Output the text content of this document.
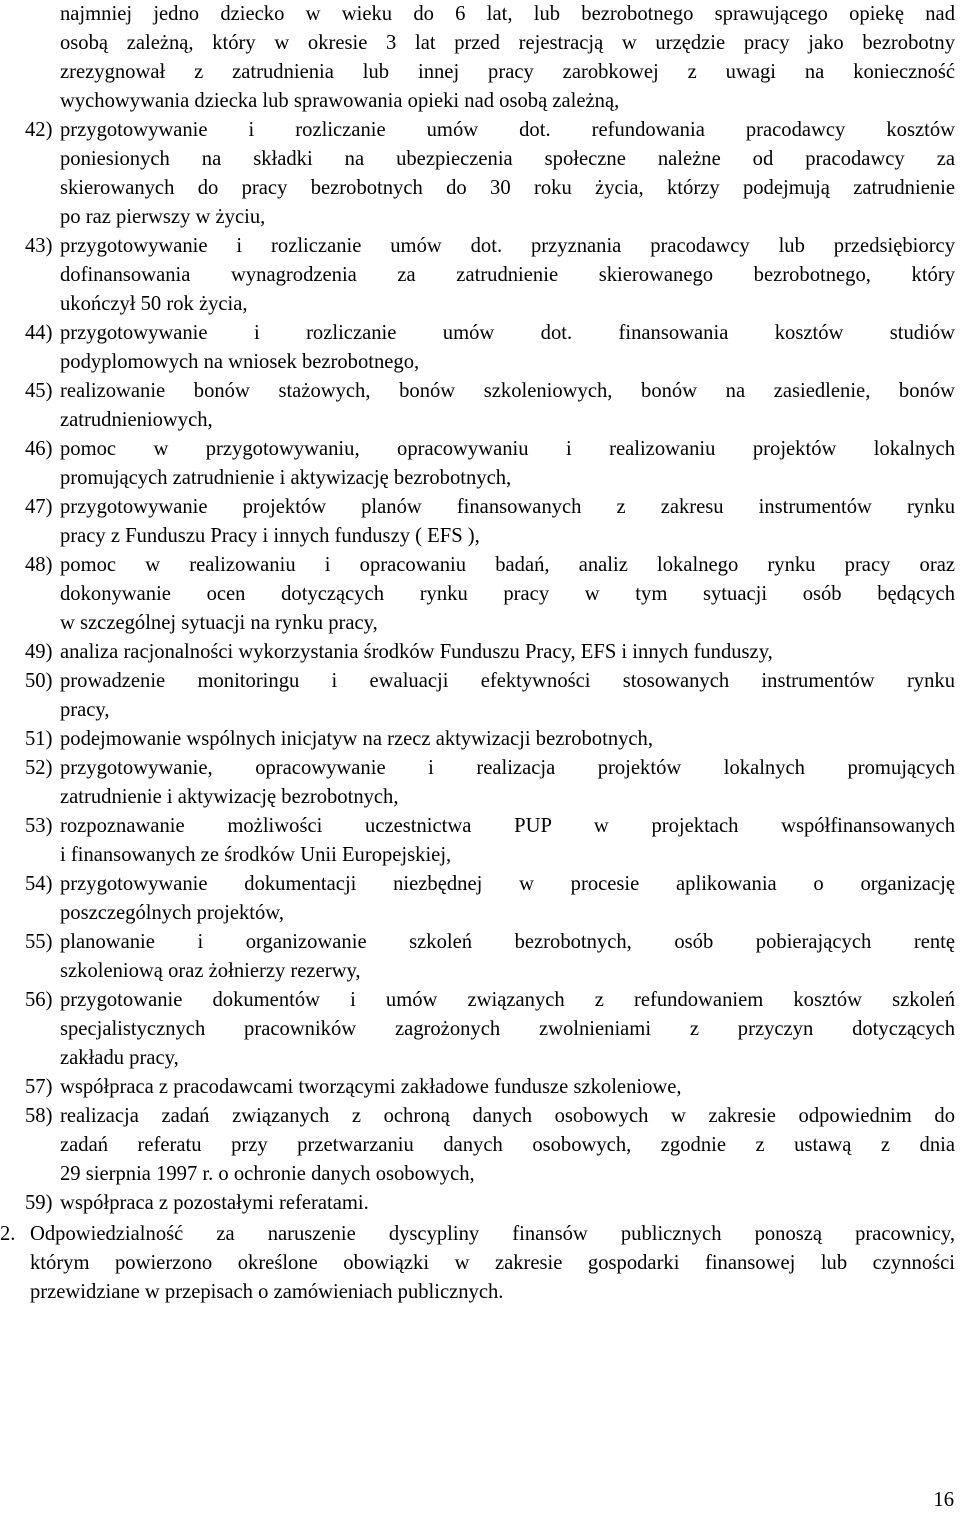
najmniej jedno dziecko w wieku do 6 lat, lub bezrobotnego sprawującego opiekę nad
osobą zależną, który w okresie 3 lat przed rejestracją w urzędzie pracy jako bezrobotny
zrezygnował z zatrudnienia lub innej pracy zarobkowej z uwagi na konieczność
wychowywania dziecka lub sprawowania opieki nad osobą zależną,
42) przygotowywanie i rozliczanie umów dot. refundowania pracodawcy kosztów
poniesionych na składki na ubezpieczenia społeczne należne od pracodawcy za
skierowanych do pracy bezrobotnych do 30 roku życia, którzy podejmują zatrudnienie
po raz pierwszy w życiu,
43) przygotowywanie i rozliczanie umów dot. przyznania pracodawcy lub przedsiębiorcy
dofinansowania wynagrodzenia za zatrudnienie skierowanego bezrobotnego, który
ukończył 50 rok życia,
44) przygotowywanie i rozliczanie umów dot. finansowania kosztów studiów
podyplomowych na wniosek bezrobotnego,
45) realizowanie bonów stażowych, bonów szkoleniowych, bonów na zasiedlenie, bonów
zatrudnieniowych,
46) pomoc w przygotowywaniu, opracowywaniu i realizowaniu projektów lokalnych
promujących zatrudnienie i aktywizację bezrobotnych,
47) przygotowywanie projektów planów finansowanych z zakresu instrumentów rynku
pracy z Funduszu Pracy i innych funduszy ( EFS ),
48) pomoc w realizowaniu i opracowaniu badań, analiz lokalnego rynku pracy oraz
dokonywanie ocen dotyczących rynku pracy w tym sytuacji osób będących
w szczególnej sytuacji na rynku pracy,
49) analiza racjonalności wykorzystania środków Funduszu Pracy, EFS i innych funduszy,
50) prowadzenie monitoringu i ewaluacji efektywności stosowanych instrumentów rynku
pracy,
51) podejmowanie wspólnych inicjatyw na rzecz aktywizacji bezrobotnych,
52) przygotowywanie, opracowywanie i realizacja projektów lokalnych promujących
zatrudnienie i aktywizację bezrobotnych,
53) rozpoznawanie możliwości uczestnictwa PUP w projektach współfinansowanych
i finansowanych ze środków Unii Europejskiej,
54) przygotowywanie dokumentacji niezbędnej w procesie aplikowania o organizację
poszczególnych projektów,
55) planowanie i organizowanie szkoleń bezrobotnych, osób pobierających rentę
szkoleniową oraz żołnierzy rezerwy,
56) przygotowanie dokumentów i umów związanych z refundowaniem kosztów szkoleń
specjalistycznych pracowników zagrożonych zwolnieniami z przyczyn dotyczących
zakładu pracy,
57) współpraca z pracodawcami tworzącymi zakładowe fundusze szkoleniowe,
58) realizacja zadań związanych z ochroną danych osobowych w zakresie odpowiednim do
zadań referatu przy przetwarzaniu danych osobowych, zgodnie z ustawą z dnia
29 sierpnia 1997 r. o ochronie danych osobowych,
59) współpraca z pozostałymi referatami.
2. Odpowiedzialność za naruszenie dyscypliny finansów publicznych ponoszą pracownicy,
którym powierzono określone obowiązki w zakresie gospodarki finansowej lub czynności
przewidziane w przepisach o zamówieniach publicznych.
16
